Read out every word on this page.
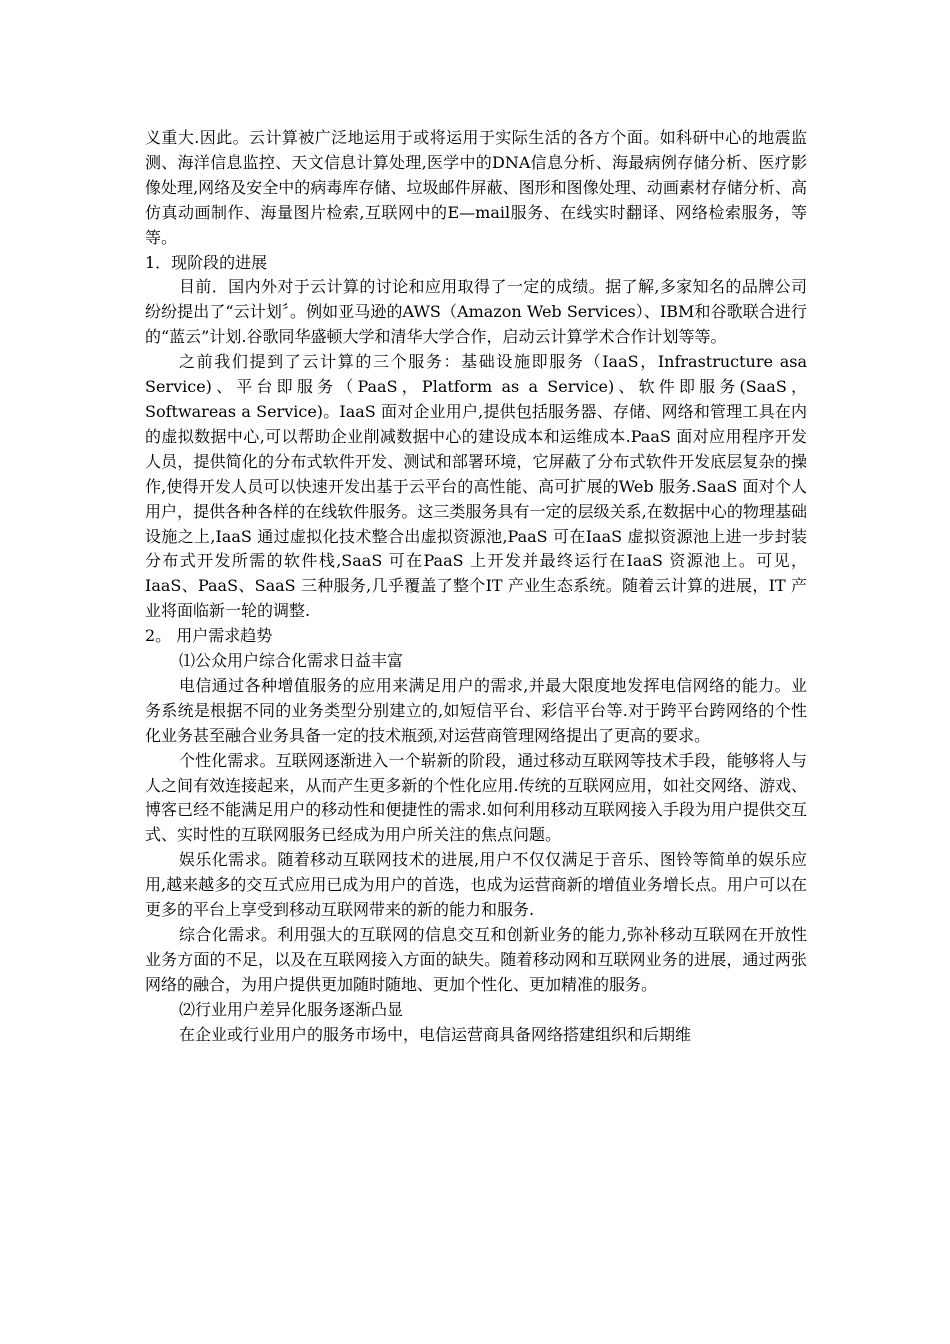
义重大.因此。云计算被广泛地运用于或将运用于实际生活的各方个面。如科研中心的地震监测、海洋信息监控、天文信息计算处理,医学中的DNA信息分析、海最病例存储分析、医疗影像处理,网络及安全中的病毒库存储、垃圾邮件屏蔽、图形和图像处理、动画素材存储分析、高仿真动画制作、海量图片检索,互联网中的E—mail服务、在线实时翻译、网络检索服务，等等。

1．现阶段的进展

目前．国内外对于云计算的讨论和应用取得了一定的成绩。据了解,多家知名的品牌公司纷纷提出了“云计划〞。例如亚马逊的AWS（Amazon Web Services）、IBM和谷歌联合进行的“蓝云”计划.谷歌同华盛顿大学和清华大学合作，启动云计算学术合作计划等等。

之前我们提到了云计算的三个服务：基础设施即服务（IaaS，Infrastructure asa Service)、平台即服务（PaaS，Platform as a Service)、软件即服务(SaaS，Softwareas a Service)。IaaS 面对企业用户,提供包括服务器、存储、网络和管理工具在内的虚拟数据中心,可以帮助企业削减数据中心的建设成本和运维成本.PaaS 面对应用程序开发人员，提供简化的分布式软件开发、测试和部署环境，它屏蔽了分布式软件开发底层复杂的操作,使得开发人员可以快速开发出基于云平台的高性能、高可扩展的Web 服务.SaaS 面对个人用户，提供各种各样的在线软件服务。这三类服务具有一定的层级关系,在数据中心的物理基础设施之上,IaaS 通过虚拟化技术整合出虚拟资源池,PaaS 可在IaaS 虚拟资源池上进一步封装分布式开发所需的软件栈,SaaS 可在PaaS 上开发并最终运行在IaaS 资源池上。可见，IaaS、PaaS、SaaS 三种服务,几乎覆盖了整个IT 产业生态系统。随着云计算的进展，IT 产业将面临新一轮的调整.

2。 用户需求趋势

⑴公众用户综合化需求日益丰富

电信通过各种增值服务的应用来满足用户的需求,并最大限度地发挥电信网络的能力。业务系统是根据不同的业务类型分别建立的,如短信平台、彩信平台等.对于跨平台跨网络的个性化业务甚至融合业务具备一定的技术瓶颈,对运营商管理网络提出了更高的要求。

个性化需求。互联网逐渐进入一个崭新的阶段，通过移动互联网等技术手段，能够将人与人之间有效连接起来，从而产生更多新的个性化应用.传统的互联网应用，如社交网络、游戏、博客已经不能满足用户的移动性和便捷性的需求.如何利用移动互联网接入手段为用户提供交互式、实时性的互联网服务已经成为用户所关注的焦点问题。

娱乐化需求。随着移动互联网技术的进展,用户不仅仅满足于音乐、图铃等简单的娱乐应用,越来越多的交互式应用已成为用户的首选，也成为运营商新的增值业务增长点。用户可以在更多的平台上享受到移动互联网带来的新的能力和服务.

综合化需求。利用强大的互联网的信息交互和创新业务的能力,弥补移动互联网在开放性业务方面的不足，以及在互联网接入方面的缺失。随着移动网和互联网业务的进展，通过两张网络的融合，为用户提供更加随时随地、更加个性化、更加精准的服务。

⑵行业用户差异化服务逐渐凸显

在企业或行业用户的服务市场中，电信运营商具备网络搭建组织和后期维
